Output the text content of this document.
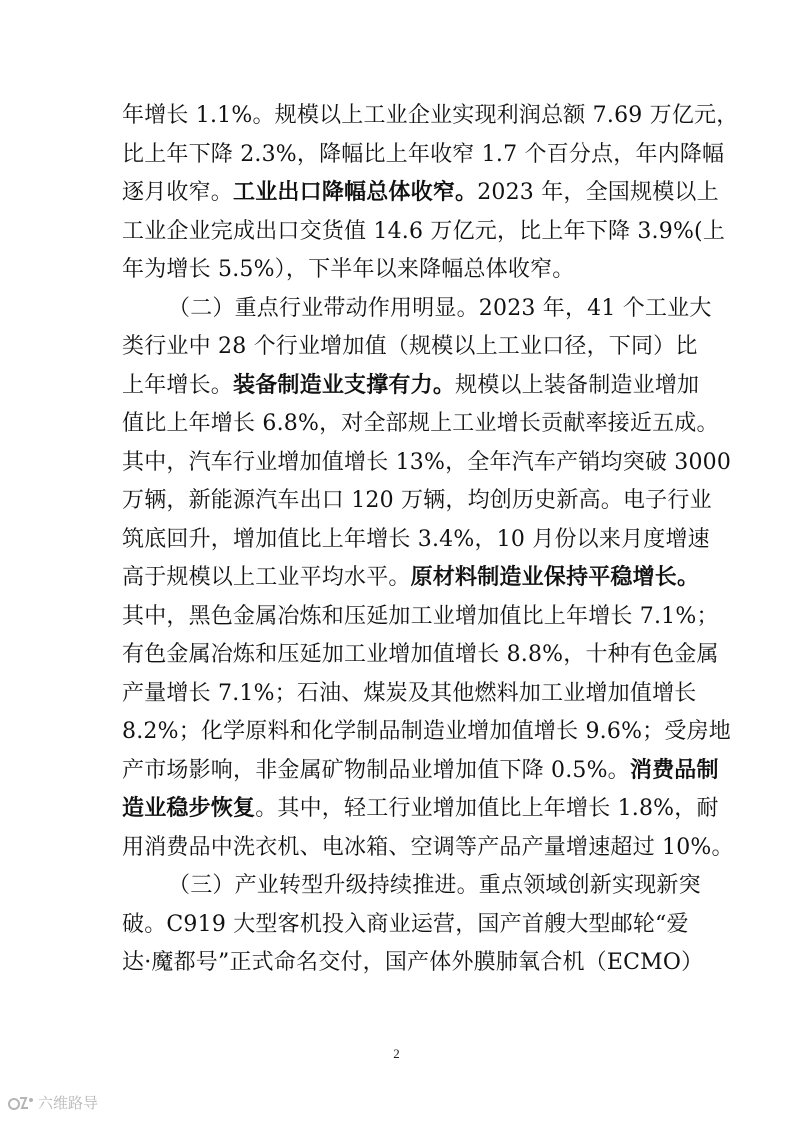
年增长 1.1%。规模以上工业企业实现利润总额 7.69 万亿元，
比上年下降 2.3%，降幅比上年收窄 1.7 个百分点，年内降幅
逐月收窄。工业出口降幅总体收窄。2023 年，全国规模以上
工业企业完成出口交货值 14.6 万亿元，比上年下降 3.9%(上
年为增长 5.5%），下半年以来降幅总体收窄。
（二）重点行业带动作用明显。2023 年，41 个工业大
类行业中 28 个行业增加值（规模以上工业口径，下同）比
上年增长。装备制造业支撑有力。规模以上装备制造业增加
值比上年增长 6.8%，对全部规上工业增长贡献率接近五成。
其中，汽车行业增加值增长 13%，全年汽车产销均突破 3000
万辆，新能源汽车出口 120 万辆，均创历史新高。电子行业
筑底回升，增加值比上年增长 3.4%，10 月份以来月度增速
高于规模以上工业平均水平。原材料制造业保持平稳增长。
其中，黑色金属冶炼和压延加工业增加值比上年增长 7.1%；
有色金属冶炼和压延加工业增加值增长 8.8%，十种有色金属
产量增长 7.1%；石油、煤炭及其他燃料加工业增加值增长
8.2%；化学原料和化学制品制造业增加值增长 9.6%；受房地
产市场影响，非金属矿物制品业增加值下降 0.5%。消费品制
造业稳步恢复。其中，轻工行业增加值比上年增长 1.8%，耐
用消费品中洗衣机、电冰箱、空调等产品产量增速超过 10%。
（三）产业转型升级持续推进。重点领域创新实现新突
破。C919 大型客机投入商业运营，国产首艘大型邮轮“爱
达·魔都号”正式命名交付，国产体外膜肺氧合机（ECMO）
2
六维路导
